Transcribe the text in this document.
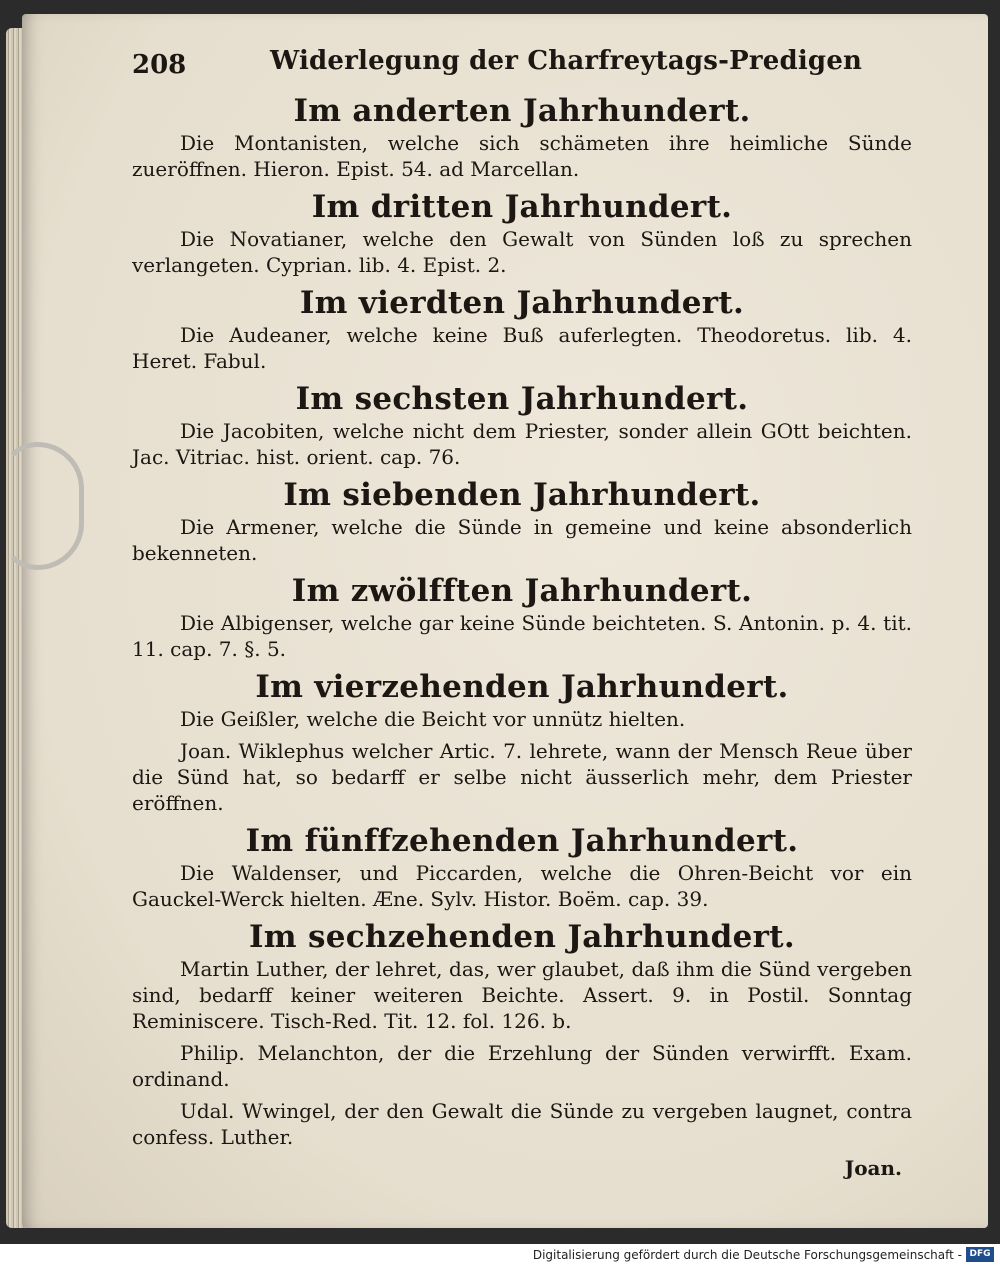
208	Widerlegung der Charfreytags-Predigen
Im anderten Jahrhundert.

Die Montanisten, welche sich schämeten ihre heimliche Sünde zueröffnen. Hieron. Epist. 54. ad Marcellan.

Im dritten Jahrhundert.

Die Novatianer, welche den Gewalt von Sünden loß zu sprechen verlangeten. Cyprian. lib. 4. Epist. 2.

Im vierdten Jahrhundert.

Die Audeaner, welche keine Buß auferlegten. Theodoretus. lib. 4. Heret. Fabul.

Im sechsten Jahrhundert.

Die Jacobiten, welche nicht dem Priester, sonder allein GOtt beichten. Jac. Vitriac. hist. orient. cap. 76.

Im siebenden Jahrhundert.

Die Armener, welche die Sünde in gemeine und keine absonderlich bekenneten.

Im zwölfften Jahrhundert.

Die Albigenser, welche gar keine Sünde beichteten. S. Antonin. p. 4. tit. 11. cap. 7. §. 5.

Im vierzehenden Jahrhundert.

Die Geißler, welche die Beicht vor unnütz hielten.

Joan. Wiklephus welcher Artic. 7. lehrete, wann der Mensch Reue über die Sünd hat, so bedarff er selbe nicht äusserlich mehr, dem Priester eröffnen.

Im fünffzehenden Jahrhundert.

Die Waldenser, und Piccarden, welche die Ohren-Beicht vor ein Gauckel-Werck hielten. Æne. Sylv. Histor. Boëm. cap. 39.

Im sechzehenden Jahrhundert.

Martin Luther, der lehret, das, wer glaubet, daß ihm die Sünd vergeben sind, bedarff keiner weiteren Beichte. Assert. 9. in Postil. Sonntag Reminiscere. Tisch-Red. Tit. 12. fol. 126. b.

Philip. Melanchton, der die Erzehlung der Sünden verwirfft. Exam. ordinand.

Udal. Wwingel, der den Gewalt die Sünde zu vergeben laugnet, contra confess. Luther.

Joan.
Digitalisierung gefördert durch die Deutsche Forschungsgemeinschaft - DFG
